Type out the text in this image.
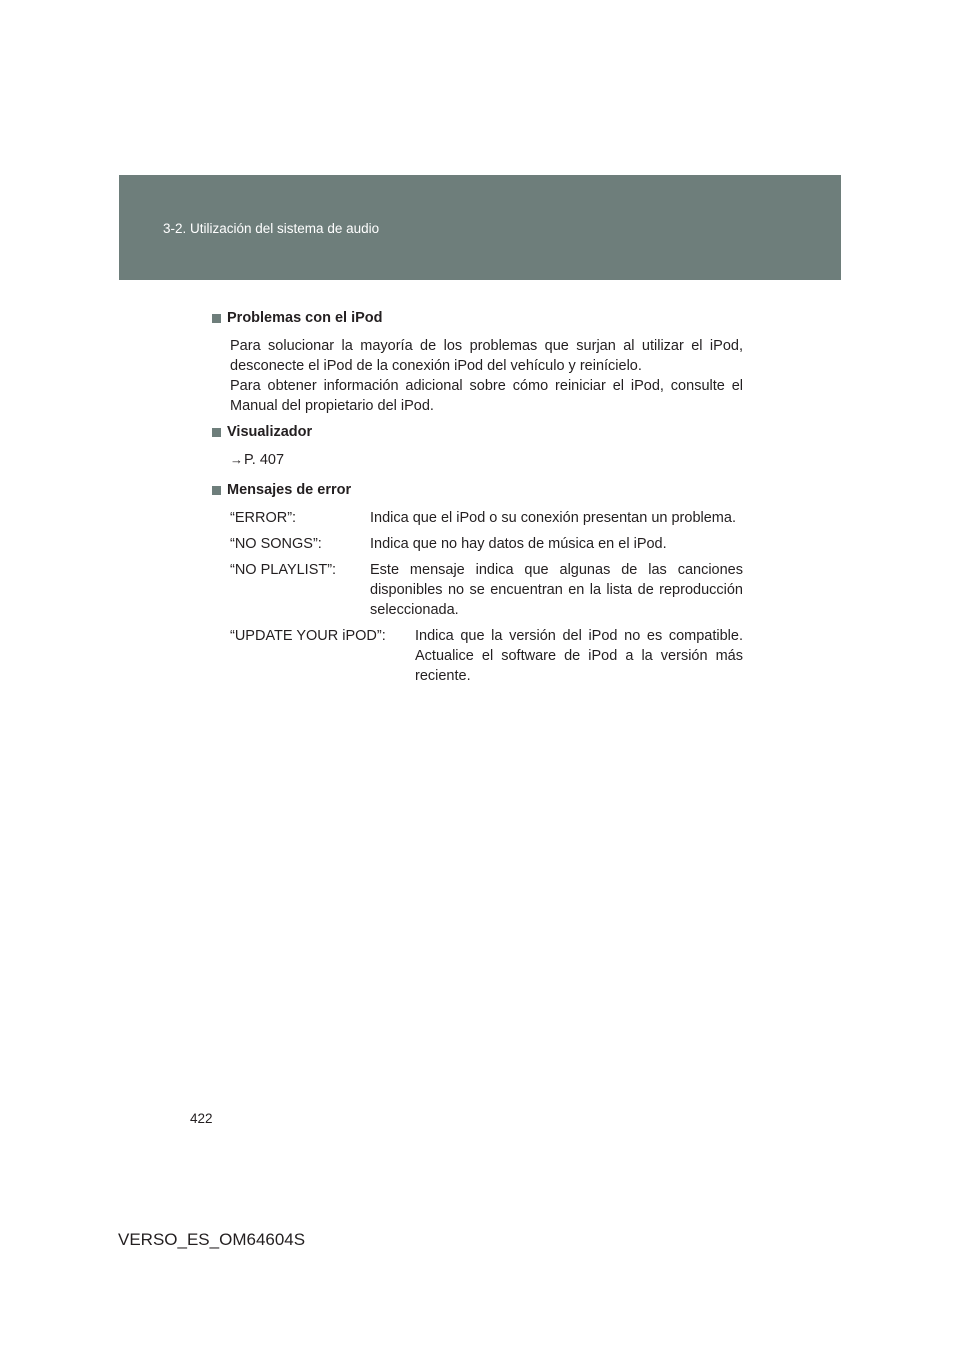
3-2. Utilización del sistema de audio
Problemas con el iPod

Para solucionar la mayoría de los problemas que surjan al utilizar el iPod, desconecte el iPod de la conexión iPod del vehículo y reinícielo.

Para obtener información adicional sobre cómo reiniciar el iPod, consulte el Manual del propietario del iPod.

Visualizador
→P. 407
Mensajes de error
“ERROR”:	Indica que el iPod o su conexión presentan un problema.
“NO SONGS”:	Indica que no hay datos de música en el iPod.
“NO PLAYLIST”:	Este mensaje indica que algunas de las canciones disponibles no se encuentran en la lista de reproducción seleccionada.
“UPDATE YOUR iPOD”:	Indica que la versión del iPod no es compatible. Actualice el software de iPod a la versión más reciente.
422
VERSO_ES_OM64604S
